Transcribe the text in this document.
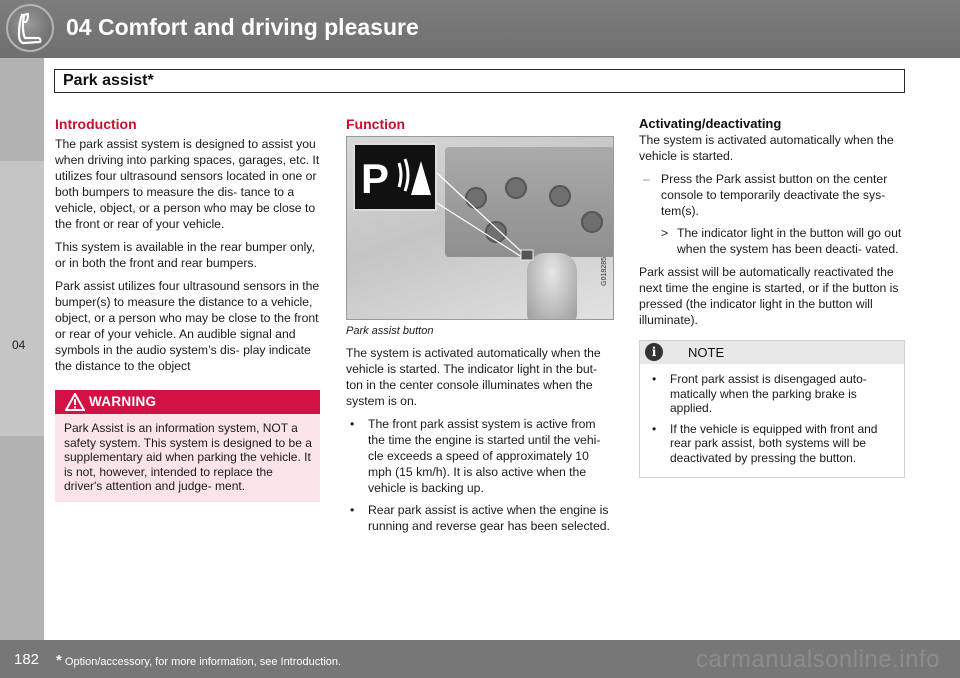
04 Comfort and driving pleasure
Park assist*
04
Introduction

The park assist system is designed to assist you when driving into parking spaces, garages, etc. It utilizes four ultrasound sensors located in one or both bumpers to measure the dis- tance to a vehicle, object, or a person who may be close to the front or rear of your vehicle.

This system is available in the rear bumper only, or in both the front and rear bumpers.

Park assist utilizes four ultrasound sensors in the bumper(s) to measure the distance to a vehicle, object, or a person who may be close to the front or rear of your vehicle. An audible signal and symbols in the audio system’s dis- play indicate the distance to the object

WARNING
Park Assist is an information system, NOT a safety system. This system is designed to be a supplementary aid when parking the vehicle. It is not, however, intended to replace the driver's attention and judge- ment.
Function
P
G018285
Park assist button

The system is activated automatically when the vehicle is started. The indicator light in the but- ton in the center console illuminates when the system is on.

• The front park assist system is active from the time the engine is started until the vehi- cle exceeds a speed of approximately 10 mph (15 km/h). It is also active when the vehicle is backing up.
• Rear park assist is active when the engine is running and reverse gear has been selected.
Activating/deactivating

The system is activated automatically when the vehicle is started.

– Press the Park assist button on the center console to temporarily deactivate the sys- tem(s).
> The indicator light in the button will go out when the system has been deacti- vated.

Park assist will be automatically reactivated the next time the engine is started, or if the button is pressed (the indicator light in the button will illuminate).

i	NOTE
• Front park assist is disengaged auto- matically when the parking brake is applied.
• If the vehicle is equipped with front and rear park assist, both systems will be deactivated by pressing the button.
182 * Option/accessory, for more information, see Introduction.	carmanualsonline.info
